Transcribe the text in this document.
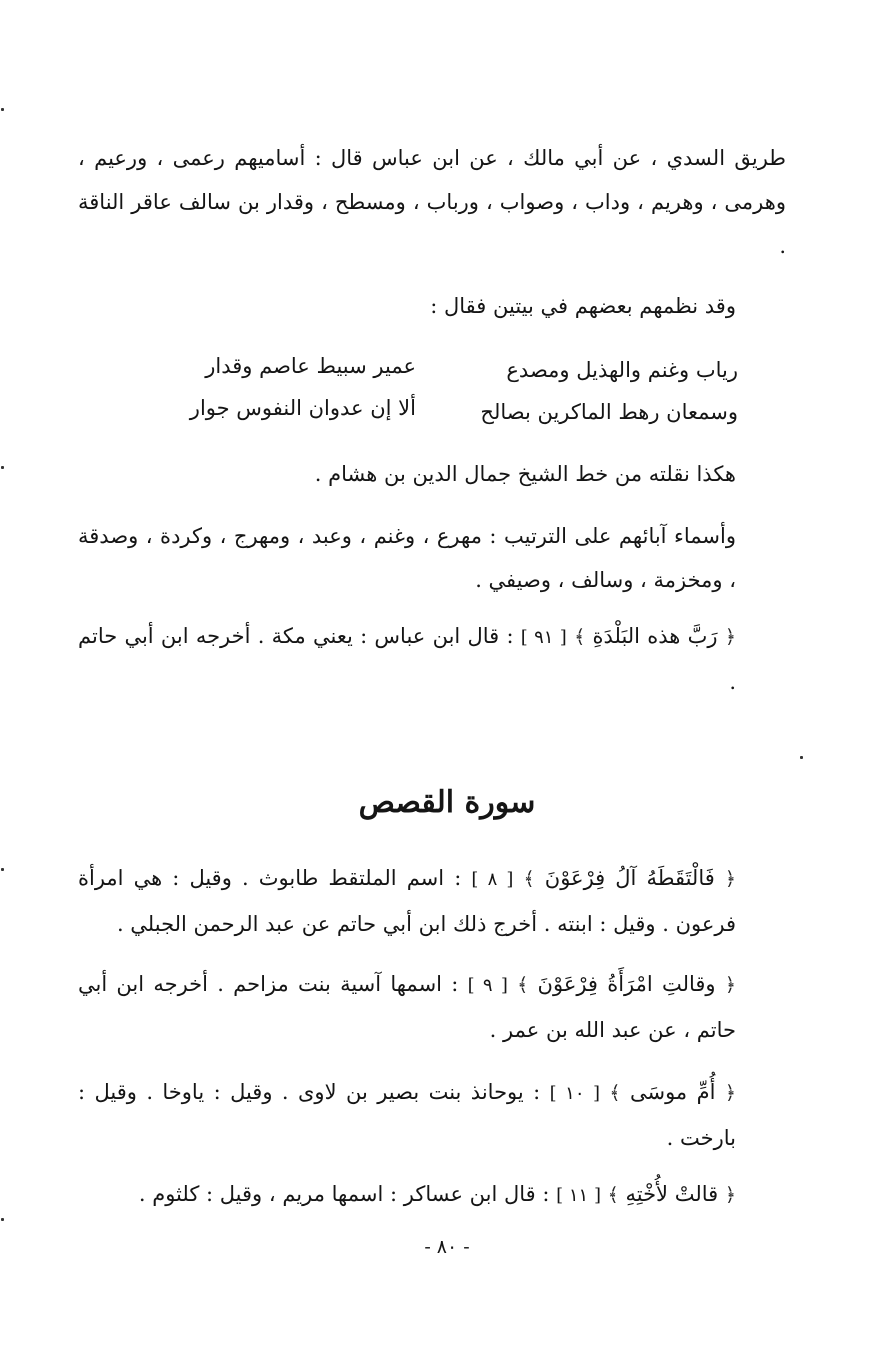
طريق السدي ، عن أبي مالك ، عن ابن عباس قال : أساميهم رعمى ، ورعيم ، وهرمى ، وهريم ، وداب ، وصواب ، ورباب ، ومسطح ، وقدار بن سالف عاقر الناقة .

وقد نظمهم بعضهم في بيتين فقال :

رياب وغنم والهذيل ومصدع
عمير سبيط عاصم وقدار
وسمعان رهط الماكرين بصالح
ألا إن عدوان النفوس جوار

هكذا نقلته من خط الشيخ جمال الدين بن هشام .

وأسماء آبائهم على الترتيب : مهرع ، وغنم ، وعبد ، ومهرج ، وكردة ، وصدقة ، ومخزمة ، وسالف ، وصيفي .

﴿ رَبَّ هذه البَلْدَةِ ﴾ [ ٩١ ] : قال ابن عباس : يعني مكة . أخرجه ابن أبي حاتم .

سورة القصص

﴿ فَالْتَقَطَهُ آلُ فِرْعَوْنَ ﴾ [ ٨ ] : اسم الملتقط طابوث . وقيل : هي امرأة فرعون . وقيل : ابنته . أخرج ذلك ابن أبي حاتم عن عبد الرحمن الجبلي .

﴿ وقالتِ امْرَأَةُ فِرْعَوْنَ ﴾ [ ٩ ] : اسمها آسية بنت مزاحم . أخرجه ابن أبي حاتم ، عن عبد الله بن عمر .

﴿ أُمِّ موسَى ﴾ [ ١٠ ] : يوحانذ بنت بصير بن لاوى . وقيل : ياوخا . وقيل : بارخت .

﴿ قالتْ لأُخْتِهِ ﴾ [ ١١ ] : قال ابن عساكر : اسمها مريم ، وقيل : كلثوم .

- ٨٠ -
